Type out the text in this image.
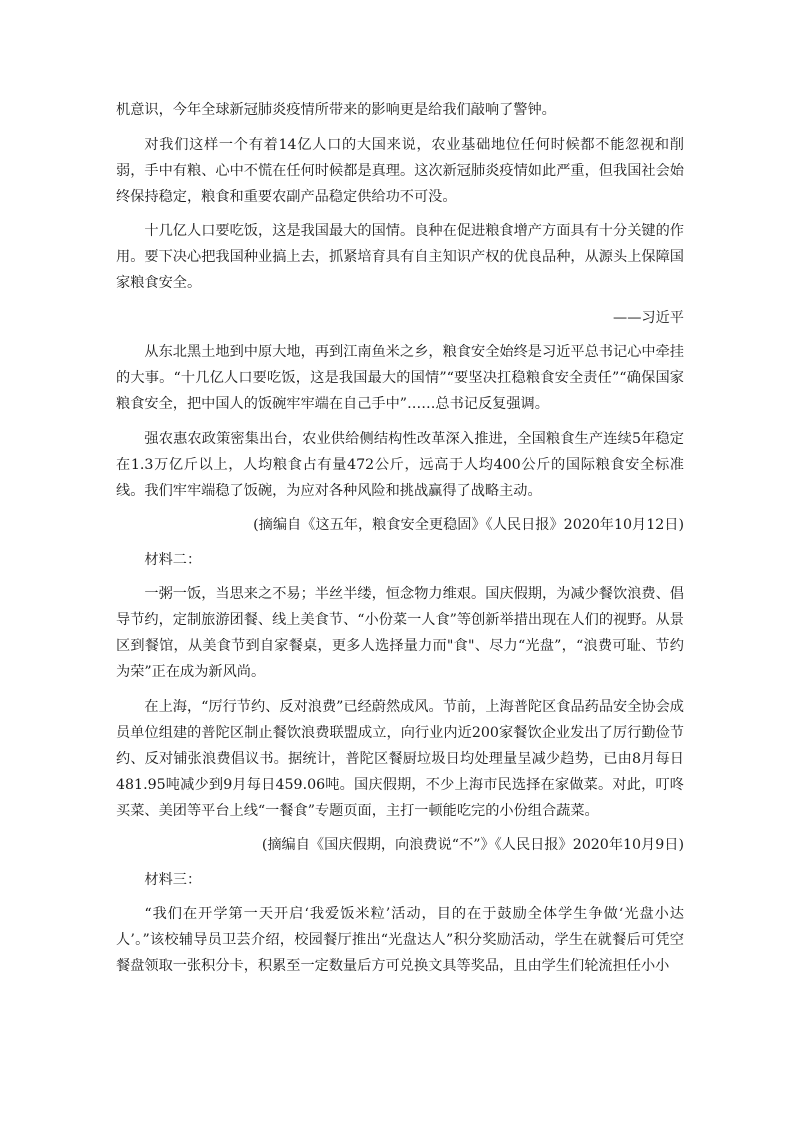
机意识，今年全球新冠肺炎疫情所带来的影响更是给我们敲响了警钟。

对我们这样一个有着14亿人口的大国来说，农业基础地位任何时候都不能忽视和削弱，手中有粮、心中不慌在任何时候都是真理。这次新冠肺炎疫情如此严重，但我国社会始终保持稳定，粮食和重要农副产品稳定供给功不可没。

十几亿人口要吃饭，这是我国最大的国情。良种在促进粮食增产方面具有十分关键的作用。要下决心把我国种业搞上去，抓紧培育具有自主知识产权的优良品种，从源头上保障国家粮食安全。

——习近平

从东北黑土地到中原大地，再到江南鱼米之乡，粮食安全始终是习近平总书记心中牵挂的大事。“十几亿人口要吃饭，这是我国最大的国情”“要坚决扛稳粮食安全责任”“确保国家粮食安全，把中国人的饭碗牢牢端在自己手中”……总书记反复强调。

强农惠农政策密集出台，农业供给侧结构性改革深入推进，全国粮食生产连续5年稳定在1.3万亿斤以上，人均粮食占有量472公斤，远高于人均400公斤的国际粮食安全标准线。我们牢牢端稳了饭碗，为应对各种风险和挑战赢得了战略主动。

(摘编自《这五年，粮食安全更稳固》《人民日报》2020年10月12日)

材料二：

一粥一饭，当思来之不易；半丝半缕，恒念物力维艰。国庆假期，为减少餐饮浪费、倡导节约，定制旅游团餐、线上美食节、“小份菜一人食”等创新举措出现在人们的视野。从景区到餐馆，从美食节到自家餐桌，更多人选择量力而"食"、尽力“光盘”，“浪费可耻、节约为荣”正在成为新风尚。

在上海，“厉行节约、反对浪费”已经蔚然成风。节前，上海普陀区食品药品安全协会成员单位组建的普陀区制止餐饮浪费联盟成立，向行业内近200家餐饮企业发出了厉行勤俭节约、反对铺张浪费倡议书。据统计，普陀区餐厨垃圾日均处理量呈减少趋势，已由8月每日481.95吨减少到9月每日459.06吨。国庆假期，不少上海市民选择在家做菜。对此，叮咚买菜、美团等平台上线“一餐食”专题页面，主打一顿能吃完的小份组合蔬菜。

(摘编自《国庆假期，向浪费说“不”》《人民日报》2020年10月9日)

材料三：

“我们在开学第一天开启‘我爱饭米粒’活动，目的在于鼓励全体学生争做‘光盘小达人’。”该校辅导员卫芸介绍，校园餐厅推出“光盘达人”积分奖励活动，学生在就餐后可凭空餐盘领取一张积分卡，积累至一定数量后方可兑换文具等奖品，且由学生们轮流担任小小
